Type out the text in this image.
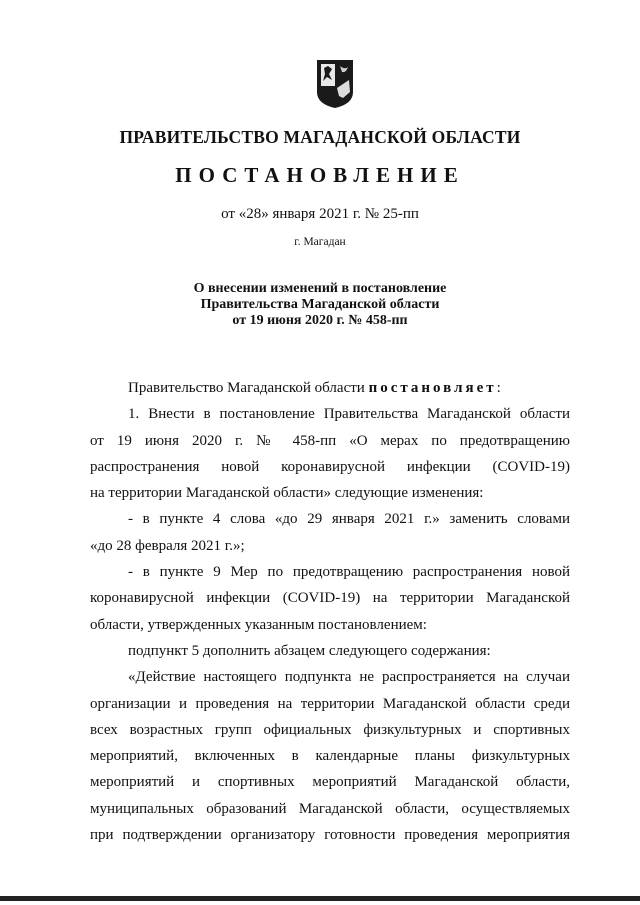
ПРАВИТЕЛЬСТВО МАГАДАНСКОЙ ОБЛАСТИ
ПОСТАНОВЛЕНИЕ
от «28» января 2021 г. № 25-пп
г. Магадан
О внесении изменений в постановление
Правительства Магаданской области
от 19 июня 2020 г. № 458-пп

Правительство Магаданской области постановляет:

1. Внести в постановление Правительства Магаданской области

от 19 июня 2020 г. № 458-пп «О мерах по предотвращению

распространения новой коронавирусной инфекции (COVID-19)

на территории Магаданской области» следующие изменения:

- в пункте 4 слова «до 29 января 2021 г.» заменить словами

«до 28 февраля 2021 г.»;

- в пункте 9 Мер по предотвращению распространения новой

коронавирусной инфекции (COVID-19) на территории Магаданской

области, утвержденных указанным постановлением:

подпункт 5 дополнить абзацем следующего содержания:

«Действие настоящего подпункта не распространяется на случаи

организации и проведения на территории Магаданской области среди

всех возрастных групп официальных физкультурных и спортивных

мероприятий, включенных в календарные планы физкультурных

мероприятий и спортивных мероприятий Магаданской области,

муниципальных образований Магаданской области, осуществляемых

при подтверждении организатору готовности проведения мероприятия
